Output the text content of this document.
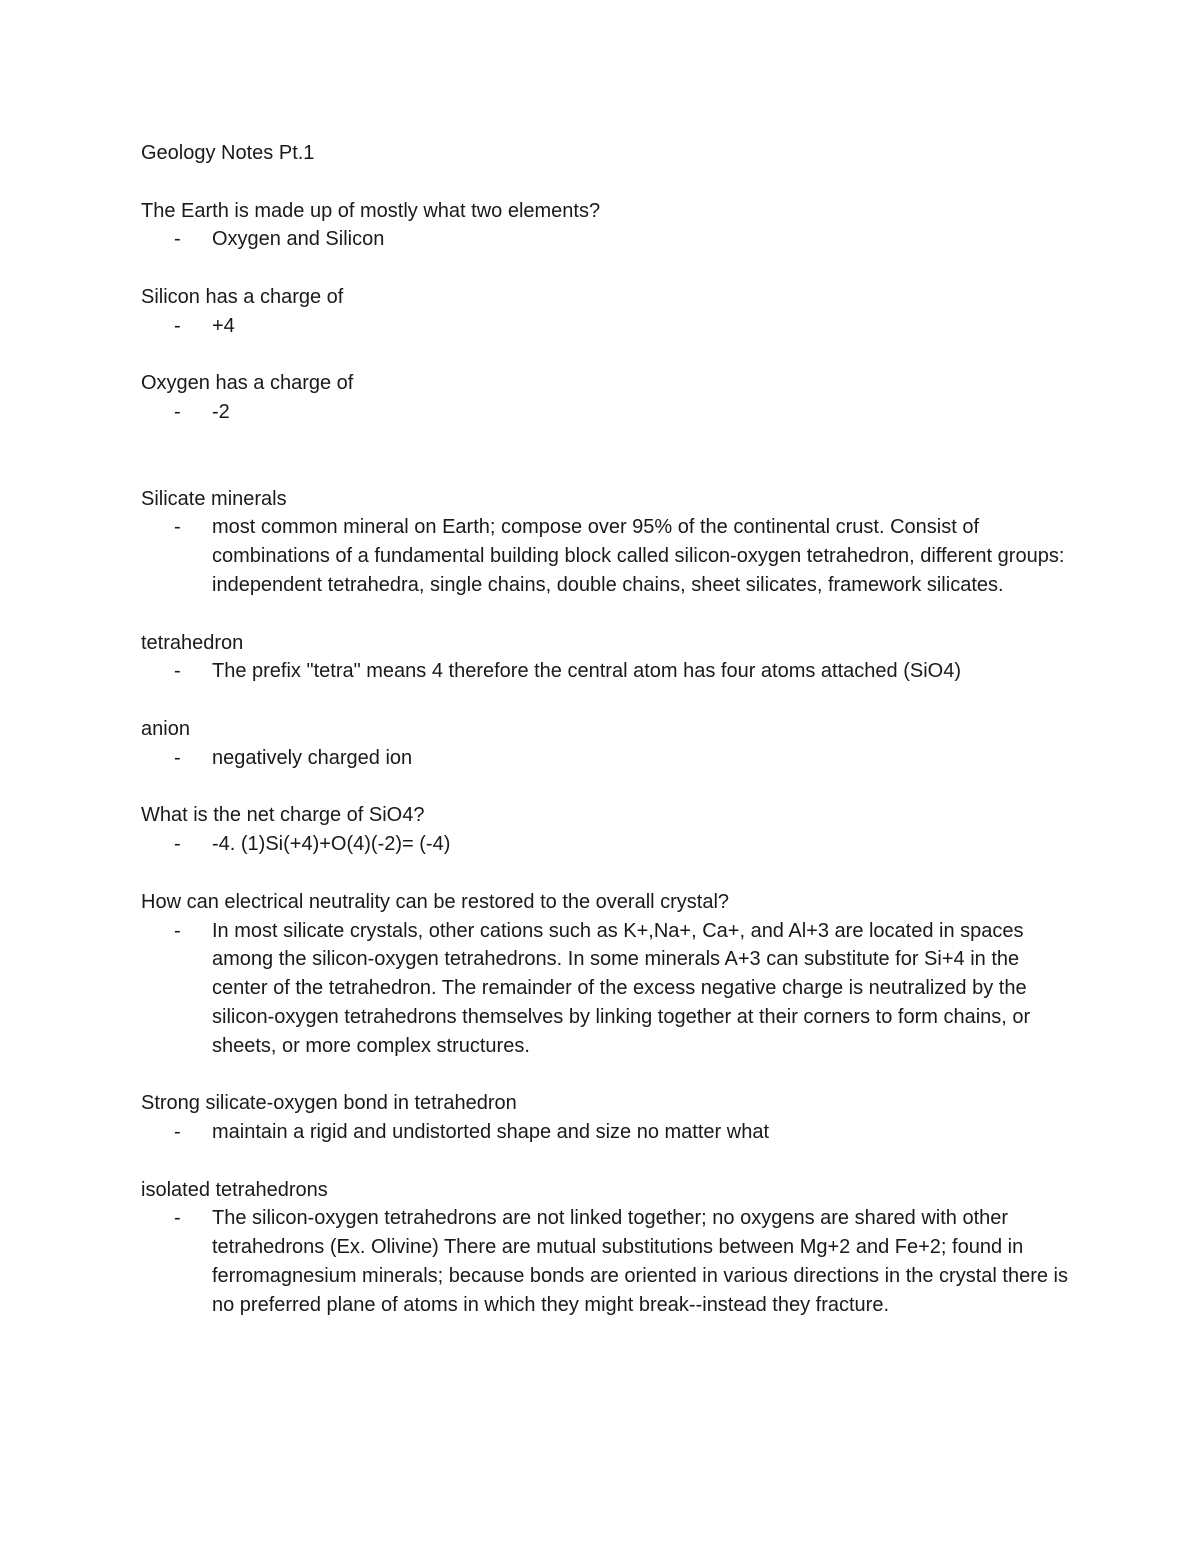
Geology Notes Pt.1

The Earth is made up of mostly what two elements?

- Oxygen and Silicon

Silicon has a charge of

- +4

Oxygen has a charge of

- -2

Silicate minerals

- most common mineral on Earth; compose over 95% of the continental crust. Consist of combinations of a fundamental building block called silicon-oxygen tetrahedron, different groups: independent tetrahedra, single chains, double chains, sheet silicates, framework silicates.

tetrahedron

- The prefix "tetra" means 4 therefore the central atom has four atoms attached (SiO4)

anion

- negatively charged ion

What is the net charge of SiO4?

- -4. (1)Si(+4)+O(4)(-2)= (-4)

How can electrical neutrality can be restored to the overall crystal?

- In most silicate crystals, other cations such as K+,Na+, Ca+, and Al+3 are located in spaces among the silicon-oxygen tetrahedrons. In some minerals A+3 can substitute for Si+4 in the center of the tetrahedron. The remainder of the excess negative charge is neutralized by the silicon-oxygen tetrahedrons themselves by linking together at their corners to form chains, or sheets, or more complex structures.

Strong silicate-oxygen bond in tetrahedron

- maintain a rigid and undistorted shape and size no matter what

isolated tetrahedrons

- The silicon-oxygen tetrahedrons are not linked together; no oxygens are shared with other tetrahedrons (Ex. Olivine) There are mutual substitutions between Mg+2 and Fe+2; found in ferromagnesium minerals; because bonds are oriented in various directions in the crystal there is no preferred plane of atoms in which they might break--instead they fracture.
